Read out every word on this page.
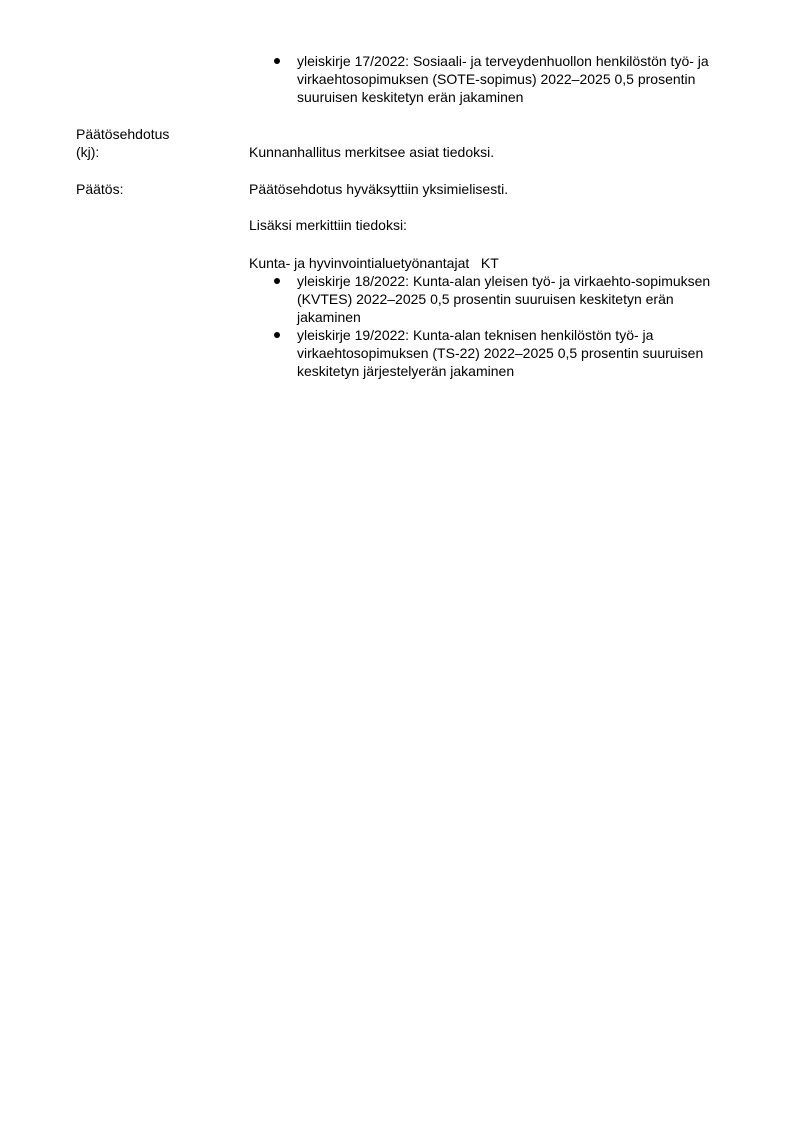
yleiskirje 17/2022: Sosiaali- ja terveydenhuollon henkilöstön työ- ja virkaehtosopimuksen (SOTE-sopimus) 2022–2025 0,5 prosentin suuruisen keskitetyn erän jakaminen
Päätösehdotus
(kj):	Kunnanhallitus merkitsee asiat tiedoksi.
Päätös:	Päätösehdotus hyväksyttiin yksimielisesti.
Lisäksi merkittiin tiedoksi:
Kunta- ja hyvinvointialuetyönantajat   KT
yleiskirje 18/2022: Kunta-alan yleisen työ- ja virkaehto-sopimuksen (KVTES) 2022–2025 0,5 prosentin suuruisen keskitetyn erän jakaminen
yleiskirje 19/2022: Kunta-alan teknisen henkilöstön työ- ja virkaehtosopimuksen (TS-22) 2022–2025 0,5 prosentin suuruisen keskitetyn järjestelyerän jakaminen
